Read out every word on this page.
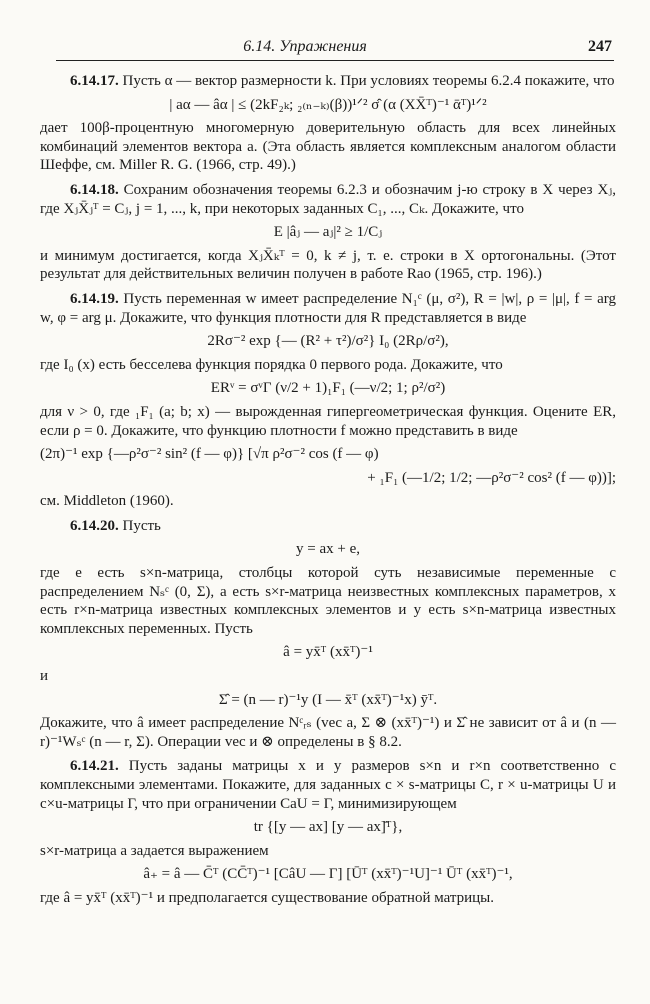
6.14. Упражнения	247

6.14.17. Пусть α — вектор размерности k. При условиях теоремы 6.2.4 покажите, что

| aα — âα | ≤ (2kF₂ₖ; ₂₍ₙ₋ₖ₎(β))¹ᐟ² σ̂ (α (XX̄ᵀ)⁻¹ ᾱᵀ)¹ᐟ²

дает 100β-процентную многомерную доверительную область для всех линейных комбинаций элементов вектора a. (Эта область является комплексным аналогом области Шеффе, см. Miller R. G. (1966, стр. 49).)

6.14.18. Сохраним обозначения теоремы 6.2.3 и обозначим j-ю строку в X через Xⱼ, где XⱼX̄ⱼᵀ = Cⱼ, j = 1, ..., k, при некоторых заданных C₁, ..., Cₖ. Докажите, что

E |âⱼ — aⱼ|² ≥ 1/Cⱼ

и минимум достигается, когда XⱼX̄ₖᵀ = 0, k ≠ j, т. е. строки в X ортогональны. (Этот результат для действительных величин получен в работе Rao (1965, стр. 196).)

6.14.19. Пусть переменная w имеет распределение N₁ᶜ (μ, σ²), R = |w|, ρ = |μ|, f = arg w, φ = arg μ. Докажите, что функция плотности для R представляется в виде

2Rσ⁻² exp {— (R² + τ²)/σ²} I₀ (2Rρ/σ²),

где I₀ (x) есть бесселева функция порядка 0 первого рода. Докажите, что

ERᵛ = σᵛΓ (ν/2 + 1)₁F₁ (—ν/2; 1; ρ²/σ²)

для ν > 0, где ₁F₁ (a; b; x) — вырожденная гипергеометрическая функция. Оцените ER, если ρ = 0. Докажите, что функцию плотности f можно представить в виде

(2π)⁻¹ exp {—ρ²σ⁻² sin² (f — φ)} [√π ρ²σ⁻² cos (f — φ)
+ ₁F₁ (—1/2; 1/2; —ρ²σ⁻² cos² (f — φ))];

см. Middleton (1960).

6.14.20. Пусть

y = ax + e,

где e есть s×n-матрица, столбцы которой суть независимые переменные с распределением Nₛᶜ (0, Σ), a есть s×r-матрица неизвестных комплексных параметров, x есть r×n-матрица известных комплексных элементов и y есть s×n-матрица известных комплексных переменных. Пусть

â = yx̄ᵀ (xx̄ᵀ)⁻¹

и

Σ̂ = (n — r)⁻¹y (I — x̄ᵀ (xx̄ᵀ)⁻¹x) ȳᵀ.

Докажите, что â имеет распределение Nᶜᵣₛ (vec a, Σ ⊗ (xx̄ᵀ)⁻¹) и Σ̂ не зависит от â и (n — r)⁻¹Wₛᶜ (n — r, Σ). Операции vec и ⊗ определены в § 8.2.

6.14.21. Пусть заданы матрицы x и y размеров s×n и r×n соответственно с комплексными элементами. Покажите, для заданных c × s-матрицы C, r × u-матрицы U и c×u-матрицы Γ, что при ограничении CaU = Γ, минимизирующем

tr {[y — ax] [y — ax]̄ᵀ},

s×r-матрица a задается выражением

â₊ = â — C̄ᵀ (CC̄ᵀ)⁻¹ [CâU — Γ] [Ūᵀ (xx̄ᵀ)⁻¹U]⁻¹ Ūᵀ (xx̄ᵀ)⁻¹,

где â = yx̄ᵀ (xx̄ᵀ)⁻¹ и предполагается существование обратной матрицы.
